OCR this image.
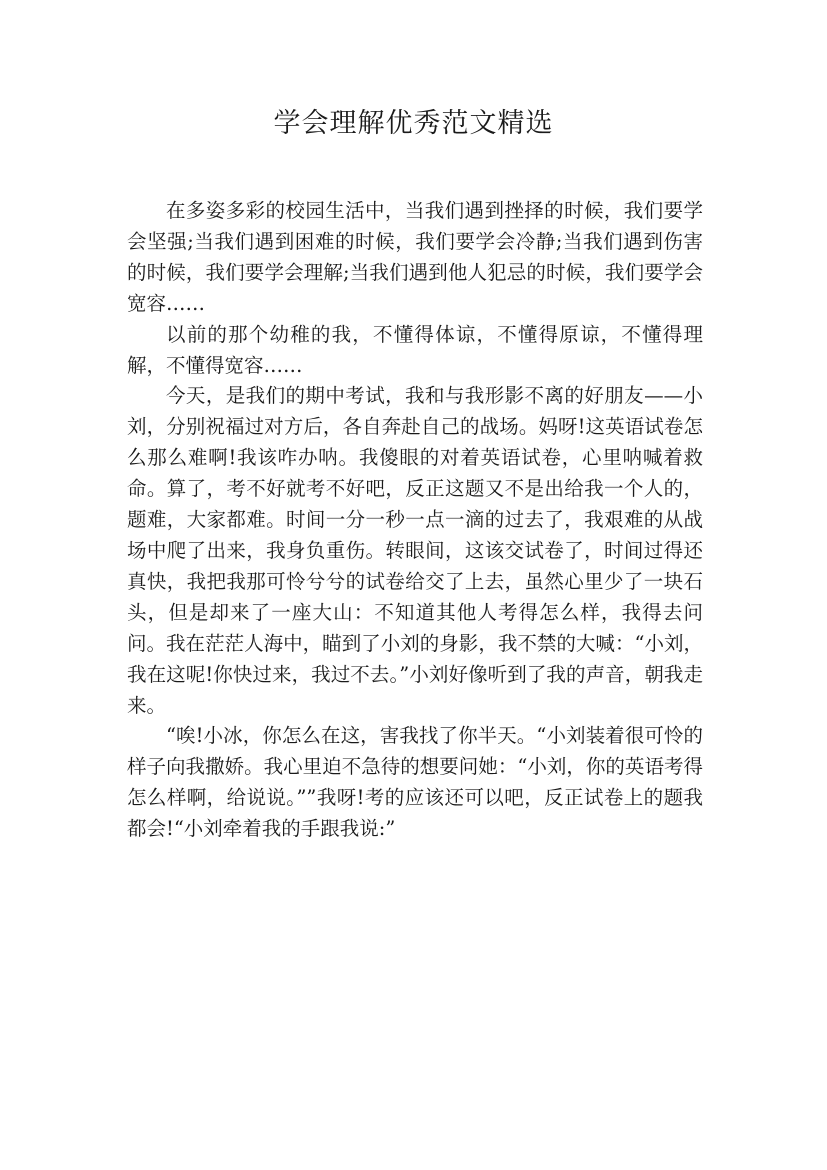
学会理解优秀范文精选

在多姿多彩的校园生活中，当我们遇到挫择的时候，我们要学会坚强;当我们遇到困难的时候，我们要学会冷静;当我们遇到伤害的时候，我们要学会理解;当我们遇到他人犯忌的时候，我们要学会宽容……

以前的那个幼稚的我，不懂得体谅，不懂得原谅，不懂得理解，不懂得宽容……

今天，是我们的期中考试，我和与我形影不离的好朋友——小刘，分别祝福过对方后，各自奔赴自己的战场。妈呀!这英语试卷怎么那么难啊!我该咋办呐。我傻眼的对着英语试卷，心里呐喊着救命。算了，考不好就考不好吧，反正这题又不是出给我一个人的，题难，大家都难。时间一分一秒一点一滴的过去了，我艰难的从战场中爬了出来，我身负重伤。转眼间，这该交试卷了，时间过得还真快，我把我那可怜兮兮的试卷给交了上去，虽然心里少了一块石头，但是却来了一座大山：不知道其他人考得怎么样，我得去问问。我在茫茫人海中，瞄到了小刘的身影，我不禁的大喊：“小刘，我在这呢!你快过来，我过不去。”小刘好像听到了我的声音，朝我走来。

“唉!小冰，你怎么在这，害我找了你半天。“小刘装着很可怜的样子向我撒娇。我心里迫不急待的想要问她：“小刘，你的英语考得怎么样啊，给说说。””我呀!考的应该还可以吧，反正试卷上的题我都会!“小刘牵着我的手跟我说:”
